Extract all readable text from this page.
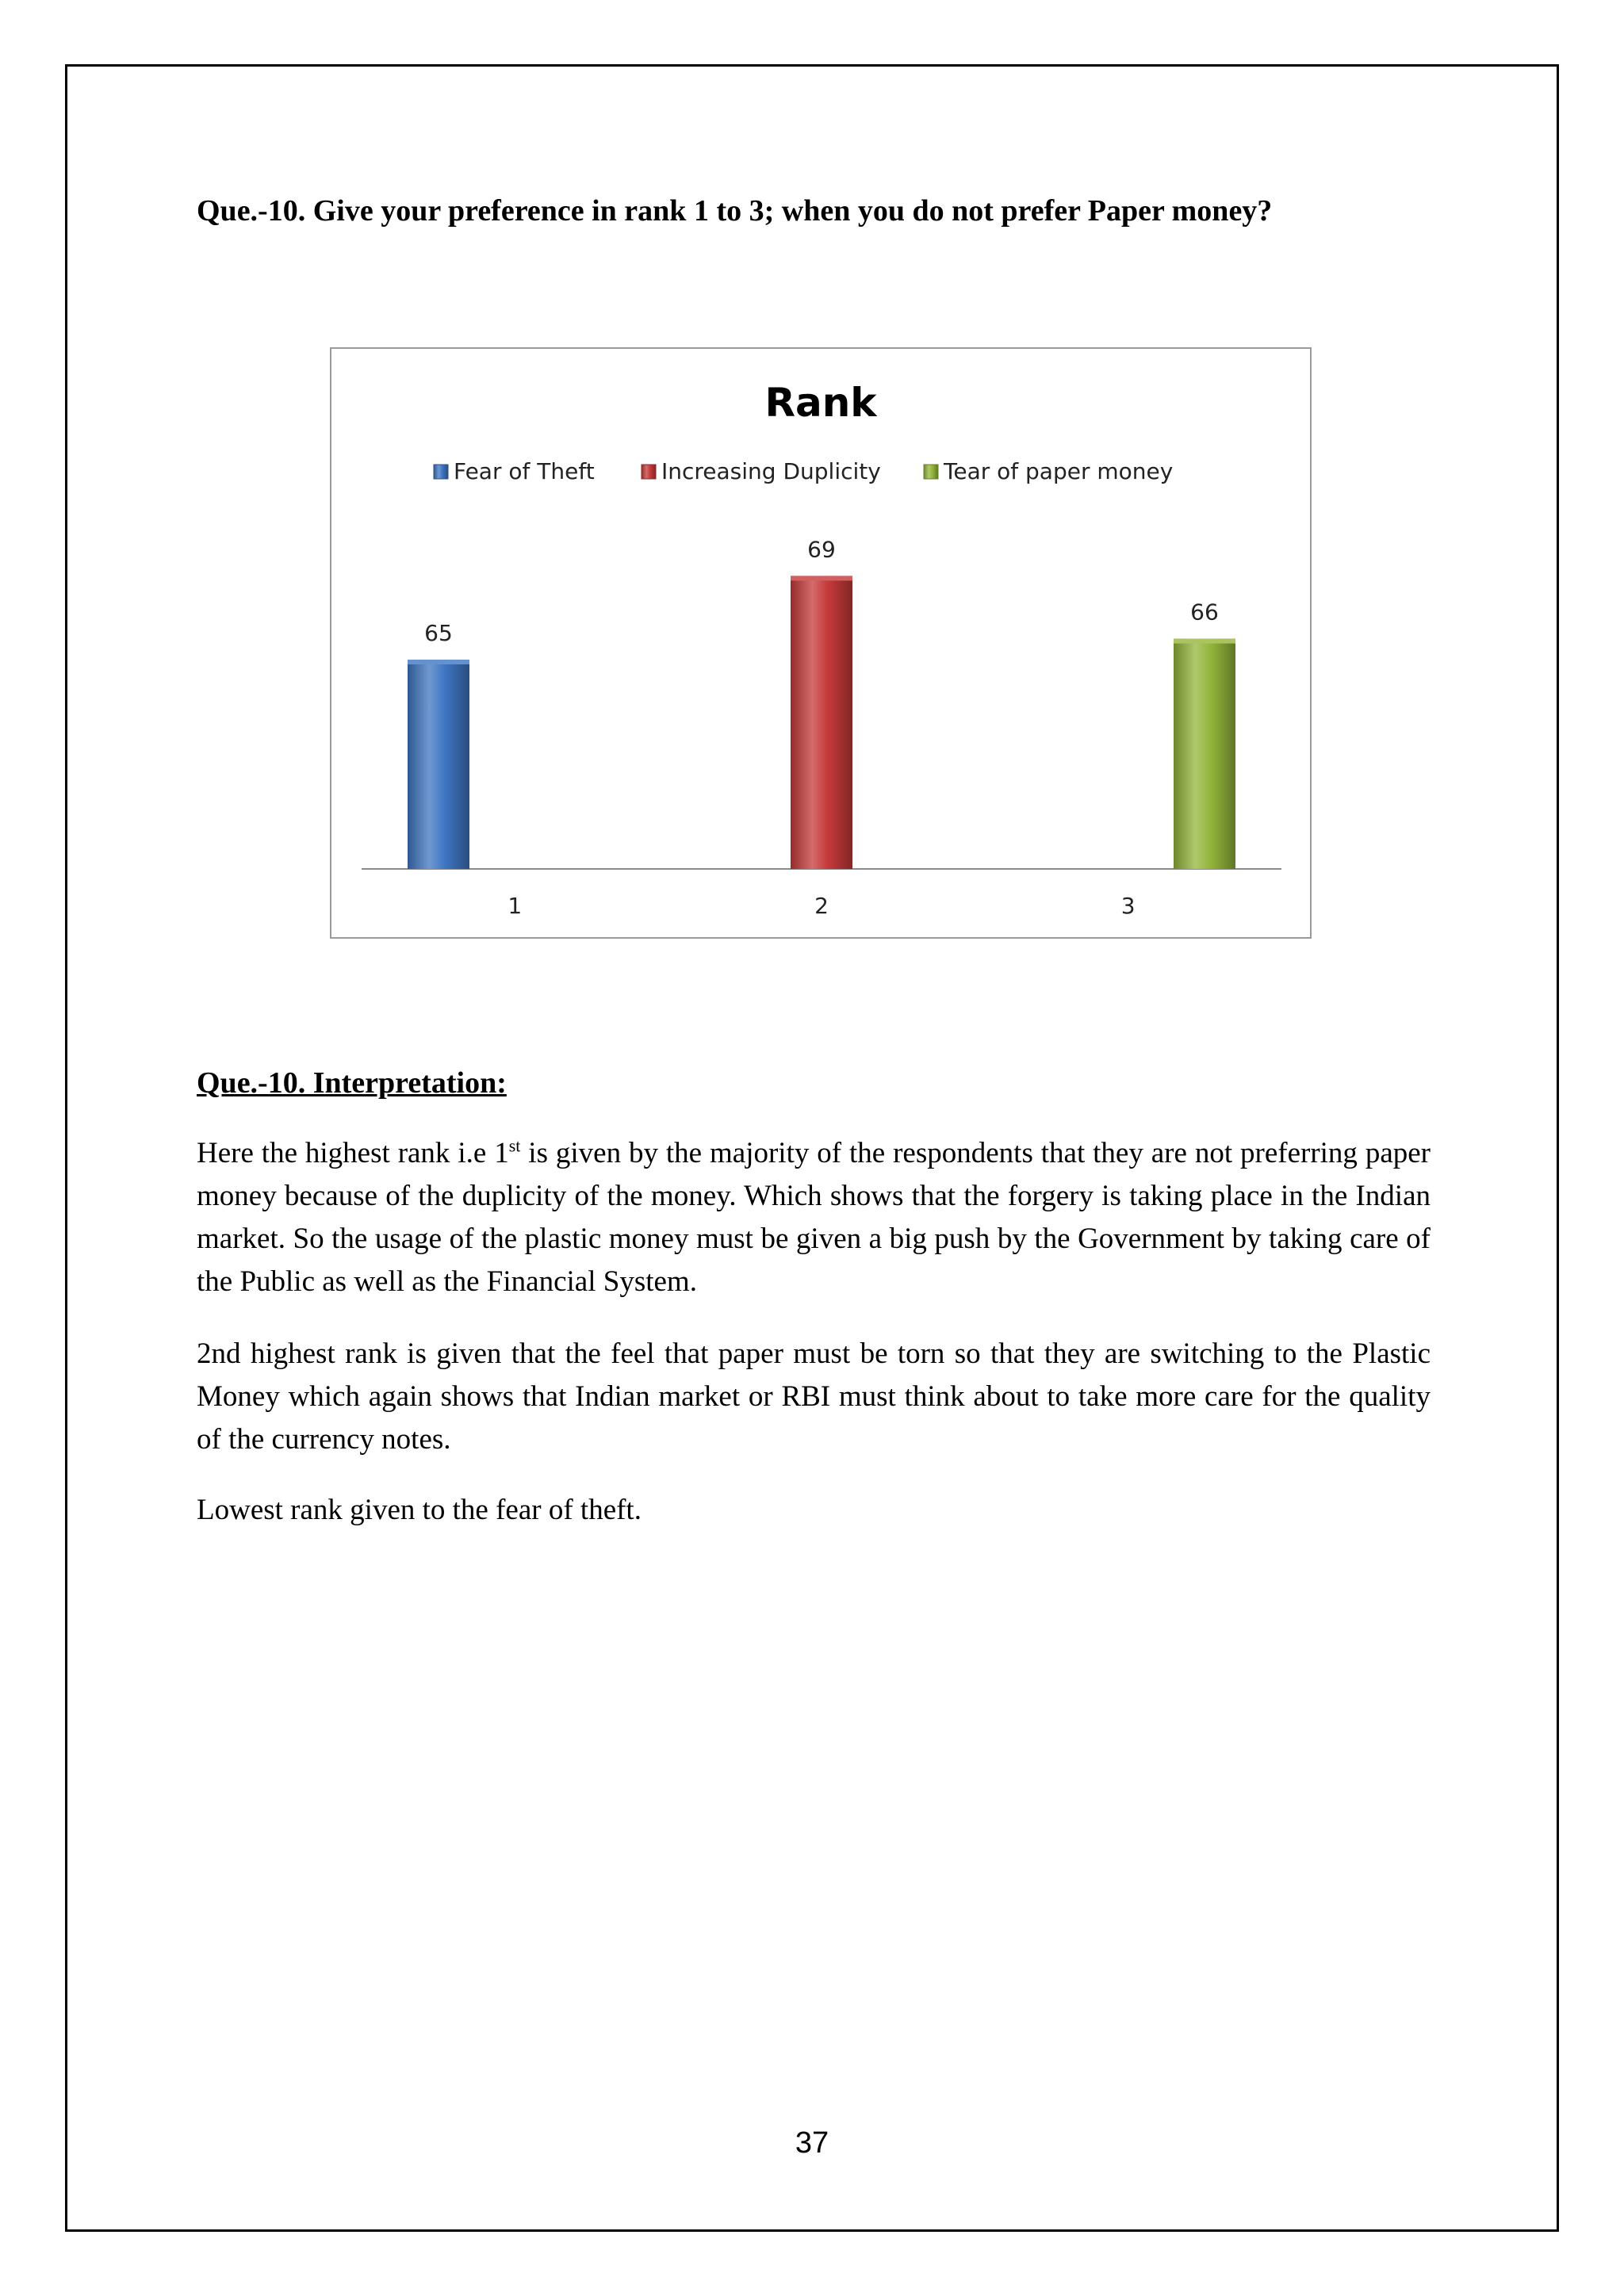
Que.-10. Give your preference in rank 1 to 3; when you do not prefer Paper money?
Rank
Fear of Theft	Increasing Duplicity	Tear of paper money
65
1
69
2
66
3
Que.-10. Interpretation:
Here the highest rank i.e 1st is given by the majority of the respondents that they are not preferring paper money because of the duplicity of the money. Which shows that the forgery is taking place in the Indian market. So the usage of the plastic money must be given a big push by the Government by taking care of the Public as well as the Financial System.
2nd highest rank is given that the feel that paper must be torn so that they are switching to the Plastic Money which again shows that Indian market or RBI must think about to take more care for the quality of the currency notes.
Lowest rank given to the fear of theft.
37
